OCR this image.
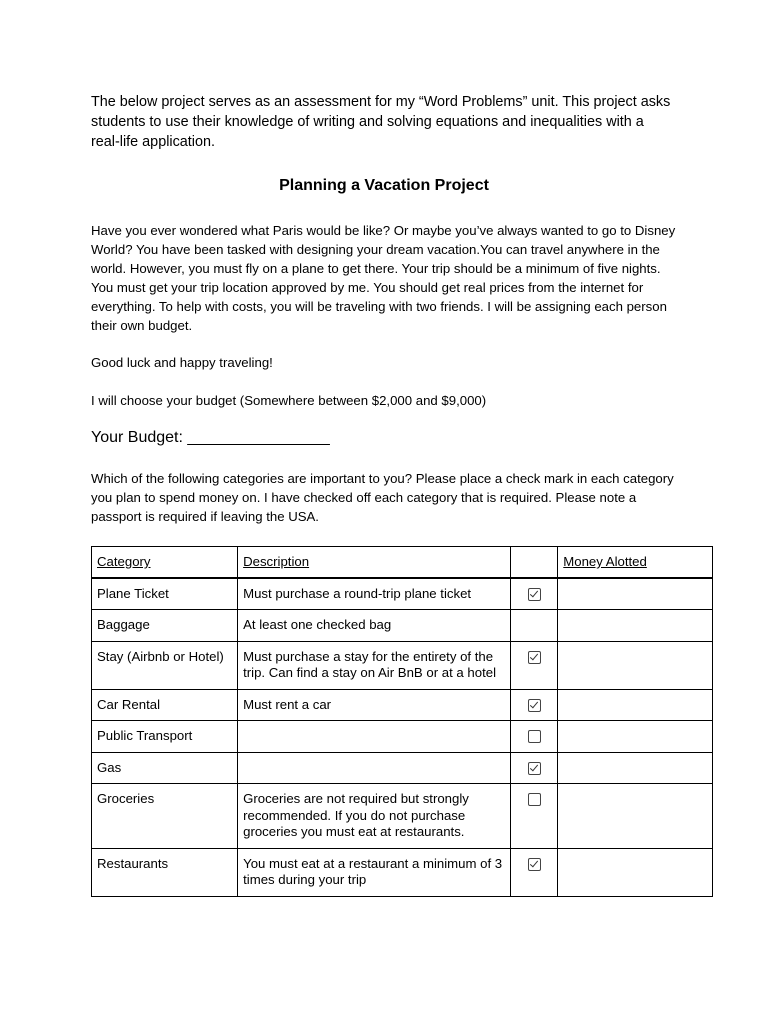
The below project serves as an assessment for my “Word Problems” unit. This project asks students to use their knowledge of writing and solving equations and inequalities with a real-life application.

Planning a Vacation Project

Have you ever wondered what Paris would be like? Or maybe you’ve always wanted to go to Disney World? You have been tasked with designing your dream vacation.You can travel anywhere in the world. However, you must fly on a plane to get there. Your trip should be a minimum of five nights. You must get your trip location approved by me. You should get real prices from the internet for everything. To help with costs, you will be traveling with two friends. I will be assigning each person their own budget.

Good luck and happy traveling!

I will choose your budget (Somewhere between $2,000 and $9,000)

Your Budget: ________________

Which of the following categories are important to you? Please place a check mark in each category you plan to spend money on. I have checked off each category that is required. Please note a passport is required if leaving the USA.

Category	Description		Money Alotted
Plane Ticket	Must purchase a round-trip plane ticket		
Baggage	At least one checked bag		
Stay (Airbnb or Hotel)	Must purchase a stay for the entirety of the trip. Can find a stay on Air BnB or at a hotel		
Car Rental	Must rent a car		
Public Transport			
Gas			
Groceries	Groceries are not required but strongly recommended. If you do not purchase groceries you must eat at restaurants.		
Restaurants	You must eat at a restaurant a minimum of 3 times during your trip		
